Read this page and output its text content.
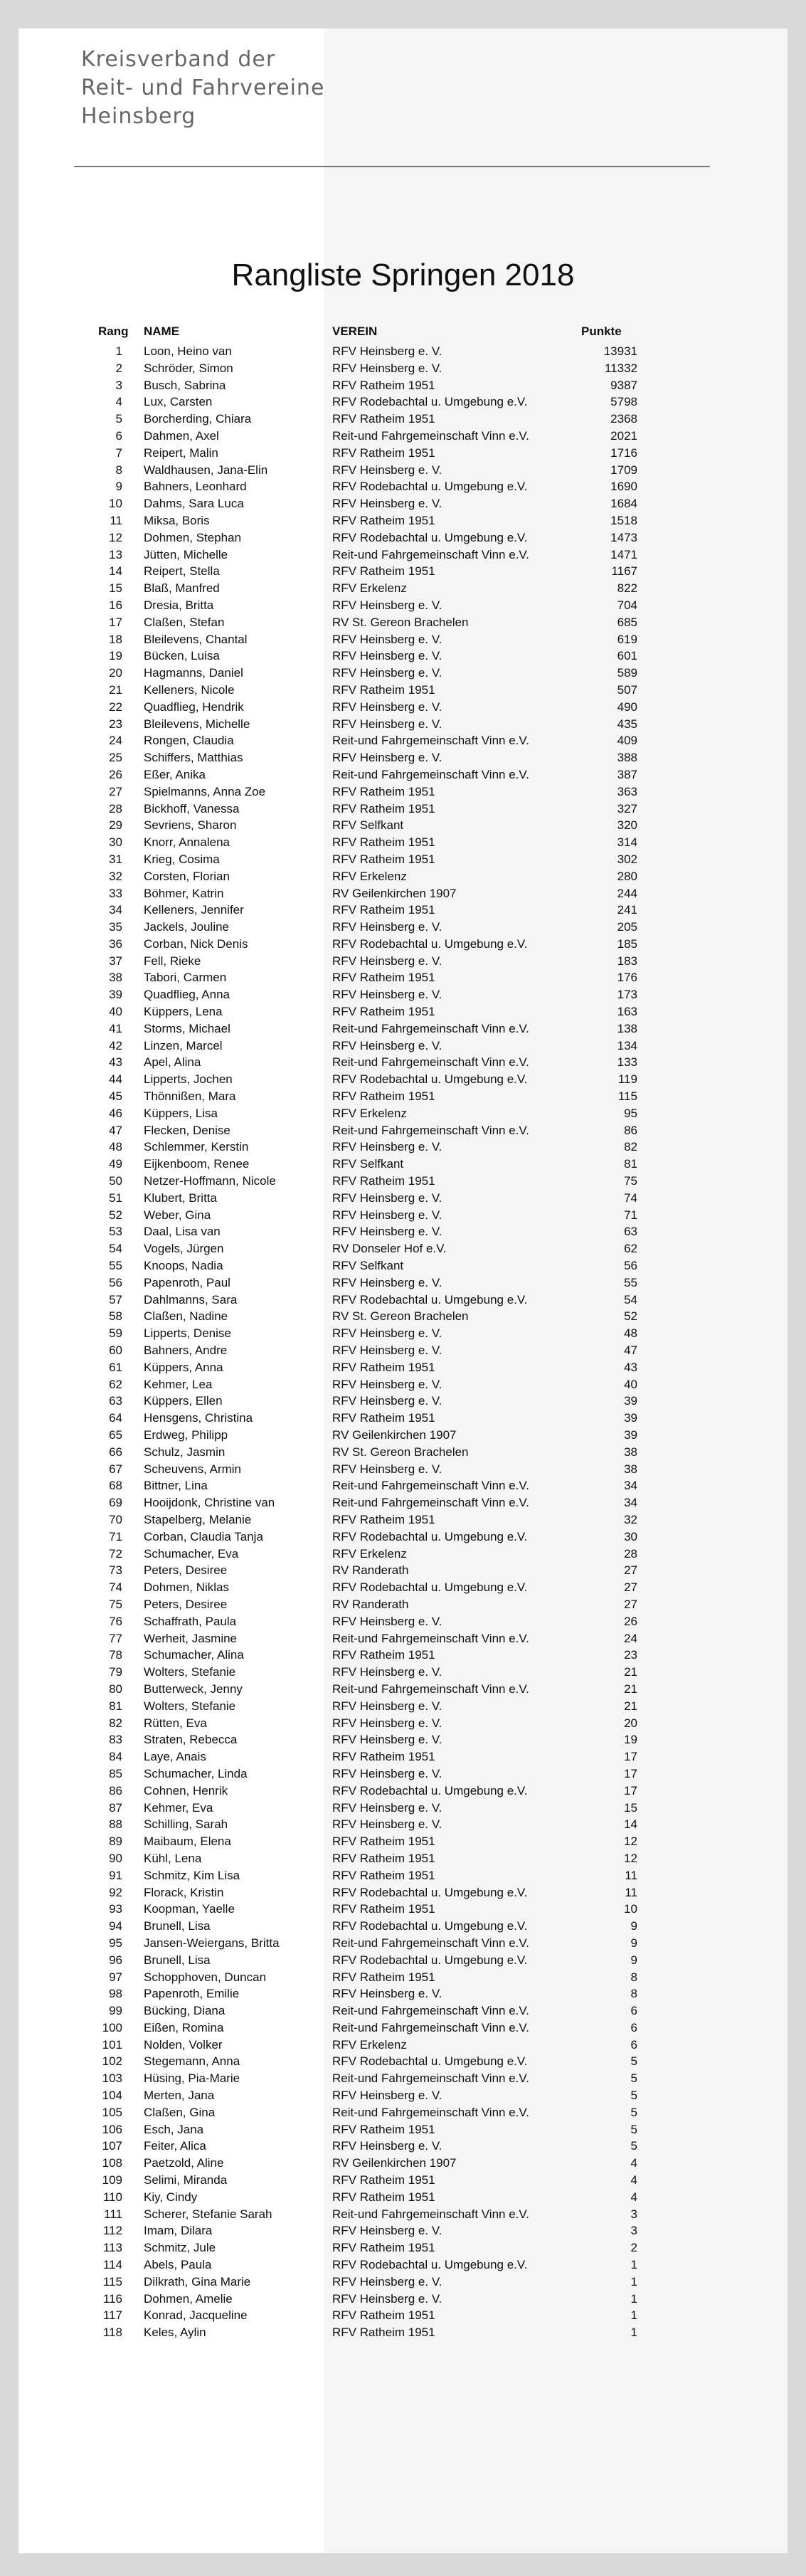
Kreisverband der
Reit- und Fahrvereine
Heinsberg
Rangliste Springen 2018
Rang NAME	VEREIN	Punkte
1 Loon, Heino van	RFV Heinsberg e. V.	13931
2 Schröder, Simon	RFV Heinsberg e. V.	11332
3 Busch, Sabrina	RFV Ratheim 1951	9387
4 Lux, Carsten	RFV Rodebachtal u. Umgebung e.V.	5798
5 Borcherding, Chiara	RFV Ratheim 1951	2368
6 Dahmen, Axel	Reit-und Fahrgemeinschaft Vinn e.V.	2021
7 Reipert, Malin	RFV Ratheim 1951	1716
8 Waldhausen, Jana-Elin	RFV Heinsberg e. V.	1709
9 Bahners, Leonhard	RFV Rodebachtal u. Umgebung e.V.	1690
10 Dahms, Sara Luca	RFV Heinsberg e. V.	1684
11 Miksa, Boris	RFV Ratheim 1951	1518
12 Dohmen, Stephan	RFV Rodebachtal u. Umgebung e.V.	1473
13 Jütten, Michelle	Reit-und Fahrgemeinschaft Vinn e.V.	1471
14 Reipert, Stella	RFV Ratheim 1951	1167
15 Blaß, Manfred	RFV Erkelenz	822
16 Dresia, Britta	RFV Heinsberg e. V.	704
17 Claßen, Stefan	RV St. Gereon Brachelen	685
18 Bleilevens, Chantal	RFV Heinsberg e. V.	619
19 Bücken, Luisa	RFV Heinsberg e. V.	601
20 Hagmanns, Daniel	RFV Heinsberg e. V.	589
21 Kelleners, Nicole	RFV Ratheim 1951	507
22 Quadflieg, Hendrik	RFV Heinsberg e. V.	490
23 Bleilevens, Michelle	RFV Heinsberg e. V.	435
24 Rongen, Claudia	Reit-und Fahrgemeinschaft Vinn e.V.	409
25 Schiffers, Matthias	RFV Heinsberg e. V.	388
26 Eßer, Anika	Reit-und Fahrgemeinschaft Vinn e.V.	387
27 Spielmanns, Anna Zoe	RFV Ratheim 1951	363
28 Bickhoff, Vanessa	RFV Ratheim 1951	327
29 Sevriens, Sharon	RFV Selfkant	320
30 Knorr, Annalena	RFV Ratheim 1951	314
31 Krieg, Cosima	RFV Ratheim 1951	302
32 Corsten, Florian	RFV Erkelenz	280
33 Böhmer, Katrin	RV Geilenkirchen 1907	244
34 Kelleners, Jennifer	RFV Ratheim 1951	241
35 Jackels, Jouline	RFV Heinsberg e. V.	205
36 Corban, Nick Denis	RFV Rodebachtal u. Umgebung e.V.	185
37 Fell, Rieke	RFV Heinsberg e. V.	183
38 Tabori, Carmen	RFV Ratheim 1951	176
39 Quadflieg, Anna	RFV Heinsberg e. V.	173
40 Küppers, Lena	RFV Ratheim 1951	163
41 Storms, Michael	Reit-und Fahrgemeinschaft Vinn e.V.	138
42 Linzen, Marcel	RFV Heinsberg e. V.	134
43 Apel, Alina	Reit-und Fahrgemeinschaft Vinn e.V.	133
44 Lipperts, Jochen	RFV Rodebachtal u. Umgebung e.V.	119
45 Thönnißen, Mara	RFV Ratheim 1951	115
46 Küppers, Lisa	RFV Erkelenz	95
47 Flecken, Denise	Reit-und Fahrgemeinschaft Vinn e.V.	86
48 Schlemmer, Kerstin	RFV Heinsberg e. V.	82
49 Eijkenboom, Renee	RFV Selfkant	81
50 Netzer-Hoffmann, Nicole	RFV Ratheim 1951	75
51 Klubert, Britta	RFV Heinsberg e. V.	74
52 Weber, Gina	RFV Heinsberg e. V.	71
53 Daal, Lisa van	RFV Heinsberg e. V.	63
54 Vogels, Jürgen	RV Donseler Hof e.V.	62
55 Knoops, Nadia	RFV Selfkant	56
56 Papenroth, Paul	RFV Heinsberg e. V.	55
57 Dahlmanns, Sara	RFV Rodebachtal u. Umgebung e.V.	54
58 Claßen, Nadine	RV St. Gereon Brachelen	52
59 Lipperts, Denise	RFV Heinsberg e. V.	48
60 Bahners, Andre	RFV Heinsberg e. V.	47
61 Küppers, Anna	RFV Ratheim 1951	43
62 Kehmer, Lea	RFV Heinsberg e. V.	40
63 Küppers, Ellen	RFV Heinsberg e. V.	39
64 Hensgens, Christina	RFV Ratheim 1951	39
65 Erdweg, Philipp	RV Geilenkirchen 1907	39
66 Schulz, Jasmin	RV St. Gereon Brachelen	38
67 Scheuvens, Armin	RFV Heinsberg e. V.	38
68 Bittner, Lina	Reit-und Fahrgemeinschaft Vinn e.V.	34
69 Hooijdonk, Christine van	Reit-und Fahrgemeinschaft Vinn e.V.	34
70 Stapelberg, Melanie	RFV Ratheim 1951	32
71 Corban, Claudia Tanja	RFV Rodebachtal u. Umgebung e.V.	30
72 Schumacher, Eva	RFV Erkelenz	28
73 Peters, Desiree	RV Randerath	27
74 Dohmen, Niklas	RFV Rodebachtal u. Umgebung e.V.	27
75 Peters, Desiree	RV Randerath	27
76 Schaffrath, Paula	RFV Heinsberg e. V.	26
77 Werheit, Jasmine	Reit-und Fahrgemeinschaft Vinn e.V.	24
78 Schumacher, Alina	RFV Ratheim 1951	23
79 Wolters, Stefanie	RFV Heinsberg e. V.	21
80 Butterweck, Jenny	Reit-und Fahrgemeinschaft Vinn e.V.	21
81 Wolters, Stefanie	RFV Heinsberg e. V.	21
82 Rütten, Eva	RFV Heinsberg e. V.	20
83 Straten, Rebecca	RFV Heinsberg e. V.	19
84 Laye, Anais	RFV Ratheim 1951	17
85 Schumacher, Linda	RFV Heinsberg e. V.	17
86 Cohnen, Henrik	RFV Rodebachtal u. Umgebung e.V.	17
87 Kehmer, Eva	RFV Heinsberg e. V.	15
88 Schilling, Sarah	RFV Heinsberg e. V.	14
89 Maibaum, Elena	RFV Ratheim 1951	12
90 Kühl, Lena	RFV Ratheim 1951	12
91 Schmitz, Kim Lisa	RFV Ratheim 1951	11
92 Florack, Kristin	RFV Rodebachtal u. Umgebung e.V.	11
93 Koopman, Yaelle	RFV Ratheim 1951	10
94 Brunell, Lisa	RFV Rodebachtal u. Umgebung e.V.	9
95 Jansen-Weiergans, Britta	Reit-und Fahrgemeinschaft Vinn e.V.	9
96 Brunell, Lisa	RFV Rodebachtal u. Umgebung e.V.	9
97 Schopphoven, Duncan	RFV Ratheim 1951	8
98 Papenroth, Emilie	RFV Heinsberg e. V.	8
99 Bücking, Diana	Reit-und Fahrgemeinschaft Vinn e.V.	6
100 Eißen, Romina	Reit-und Fahrgemeinschaft Vinn e.V.	6
101 Nolden, Volker	RFV Erkelenz	6
102 Stegemann, Anna	RFV Rodebachtal u. Umgebung e.V.	5
103 Hüsing, Pia-Marie	Reit-und Fahrgemeinschaft Vinn e.V.	5
104 Merten, Jana	RFV Heinsberg e. V.	5
105 Claßen, Gina	Reit-und Fahrgemeinschaft Vinn e.V.	5
106 Esch, Jana	RFV Ratheim 1951	5
107 Feiter, Alica	RFV Heinsberg e. V.	5
108 Paetzold, Aline	RV Geilenkirchen 1907	4
109 Selimi, Miranda	RFV Ratheim 1951	4
110 Kiy, Cindy	RFV Ratheim 1951	4
111 Scherer, Stefanie Sarah	Reit-und Fahrgemeinschaft Vinn e.V.	3
112 Imam, Dilara	RFV Heinsberg e. V.	3
113 Schmitz, Jule	RFV Ratheim 1951	2
114 Abels, Paula	RFV Rodebachtal u. Umgebung e.V.	1
115 Dilkrath, Gina Marie	RFV Heinsberg e. V.	1
116 Dohmen, Amelie	RFV Heinsberg e. V.	1
117 Konrad, Jacqueline	RFV Ratheim 1951	1
118 Keles, Aylin	RFV Ratheim 1951	1
